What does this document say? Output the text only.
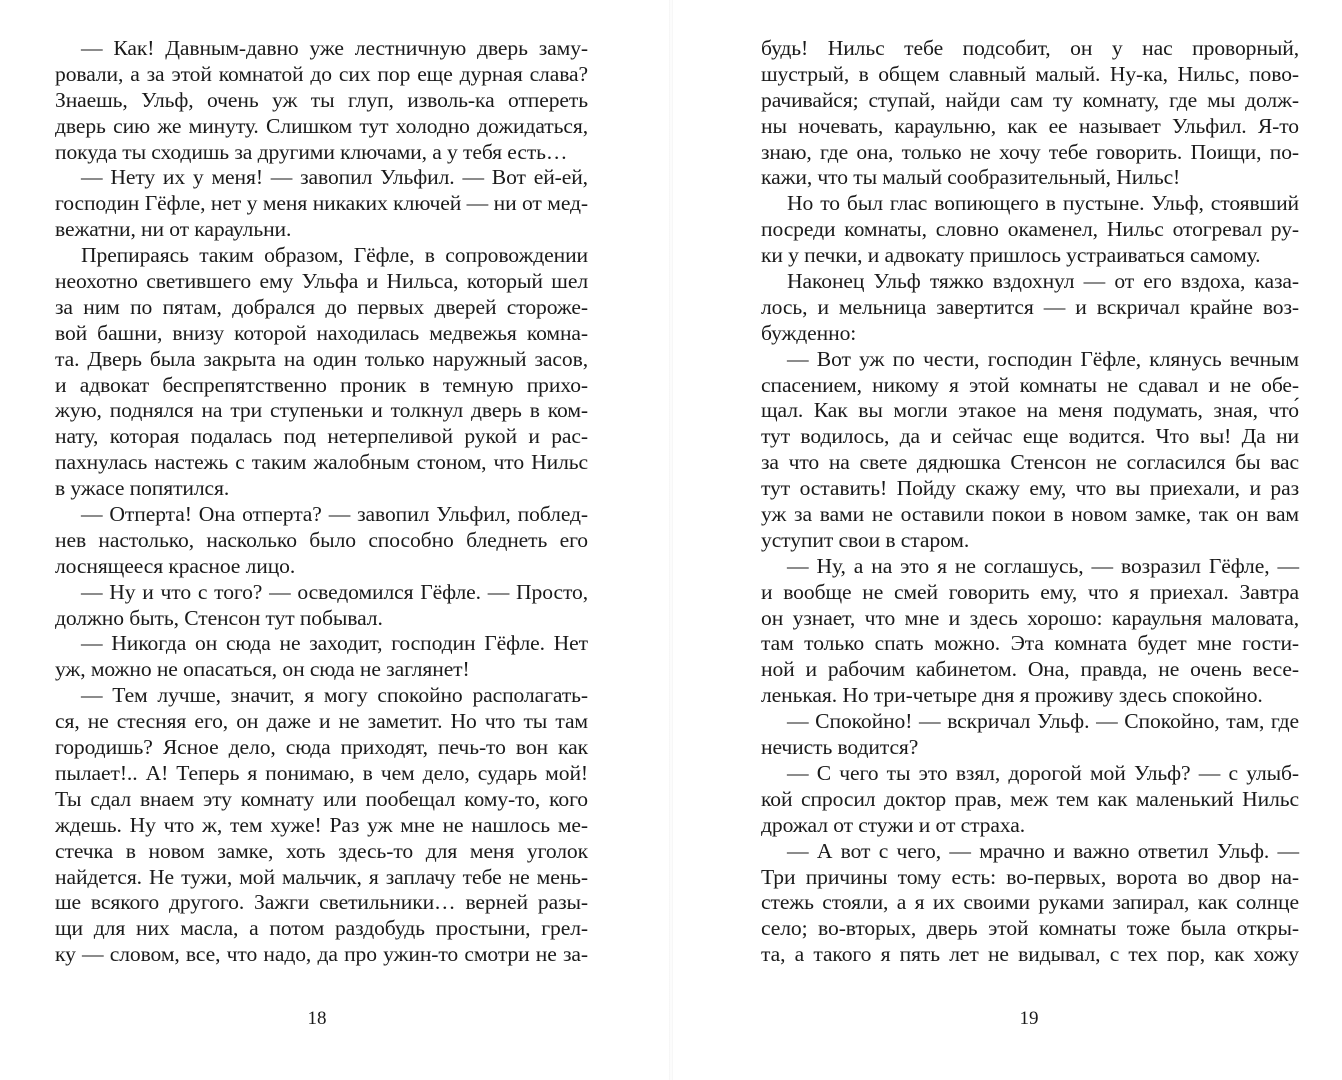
— Как! Давным-давно уже лестничную дверь заму-
ровали, а за этой комнатой до сих пор еще дурная слава?
Знаешь, Ульф, очень уж ты глуп, изволь-ка отпереть
дверь сию же минуту. Слишком тут холодно дожидаться,
покуда ты сходишь за другими ключами, а у тебя есть…
— Нету их у меня! — завопил Ульфил. — Вот ей-ей,
господин Гёфле, нет у меня никаких ключей — ни от мед-
вежатни, ни от караульни.
Препираясь таким образом, Гёфле, в сопровождении
неохотно светившего ему Ульфа и Нильса, который шел
за ним по пятам, добрался до первых дверей стороже-
вой башни, внизу которой находилась медвежья комна-
та. Дверь была закрыта на один только наружный засов,
и адвокат беспрепятственно проник в темную прихо-
жую, поднялся на три ступеньки и толкнул дверь в ком-
нату, которая подалась под нетерпеливой рукой и рас-
пахнулась настежь с таким жалобным стоном, что Нильс
в ужасе попятился.
— Отперта! Она отперта? — завопил Ульфил, поблед-
нев настолько, насколько было способно бледнеть его
лоснящееся красное лицо.
— Ну и что с того? — осведомился Гёфле. — Просто,
должно быть, Стенсон тут побывал.
— Никогда он сюда не заходит, господин Гёфле. Нет
уж, можно не опасаться, он сюда не заглянет!
— Тем лучше, значит, я могу спокойно располагать-
ся, не стесняя его, он даже и не заметит. Но что ты там
городишь? Ясное дело, сюда приходят, печь-то вон как
пылает!.. А! Теперь я понимаю, в чем дело, сударь мой!
Ты сдал внаем эту комнату или пообещал кому-то, кого
ждешь. Ну что ж, тем хуже! Раз уж мне не нашлось ме-
стечка в новом замке, хоть здесь-то для меня уголок
найдется. Не тужи, мой мальчик, я заплачу тебе не мень-
ше всякого другого. Зажги светильники… верней разы-
щи для них масла, а потом раздобудь простыни, грел-
ку — словом, все, что надо, да про ужин-то смотри не за-
18
будь! Нильс тебе подсобит, он у нас проворный,
шустрый, в общем славный малый. Ну-ка, Нильс, пово-
рачивайся; ступай, найди сам ту комнату, где мы долж-
ны ночевать, караульню, как ее называет Ульфил. Я-то
знаю, где она, только не хочу тебе говорить. Поищи, по-
кажи, что ты малый сообразительный, Нильс!
Но то был глас вопиющего в пустыне. Ульф, стоявший
посреди комнаты, словно окаменел, Нильс отогревал ру-
ки у печки, и адвокату пришлось устраиваться самому.
Наконец Ульф тяжко вздохнул — от его вздоха, каза-
лось, и мельница завертится — и вскричал крайне воз-
бужденно:
— Вот уж по чести, господин Гёфле, клянусь вечным
спасением, никому я этой комнаты не сдавал и не обе-
щал. Как вы могли этакое на меня подумать, зная, что́
тут водилось, да и сейчас еще водится. Что вы! Да ни
за что на свете дядюшка Стенсон не согласился бы вас
тут оставить! Пойду скажу ему, что вы приехали, и раз
уж за вами не оставили покои в новом замке, так он вам
уступит свои в старом.
— Ну, а на это я не соглашусь, — возразил Гёфле, —
и вообще не смей говорить ему, что я приехал. Завтра
он узнает, что мне и здесь хорошо: караульня маловата,
там только спать можно. Эта комната будет мне гости-
ной и рабочим кабинетом. Она, правда, не очень весе-
ленькая. Но три-четыре дня я проживу здесь спокойно.
— Спокойно! — вскричал Ульф. — Спокойно, там, где
нечисть водится?
— С чего ты это взял, дорогой мой Ульф? — с улыб-
кой спросил доктор прав, меж тем как маленький Нильс
дрожал от стужи и от страха.
— А вот с чего, — мрачно и важно ответил Ульф. —
Три причины тому есть: во-первых, ворота во двор на-
стежь стояли, а я их своими руками запирал, как солнце
село; во-вторых, дверь этой комнаты тоже была откры-
та, а такого я пять лет не видывал, с тех пор, как хожу
19
